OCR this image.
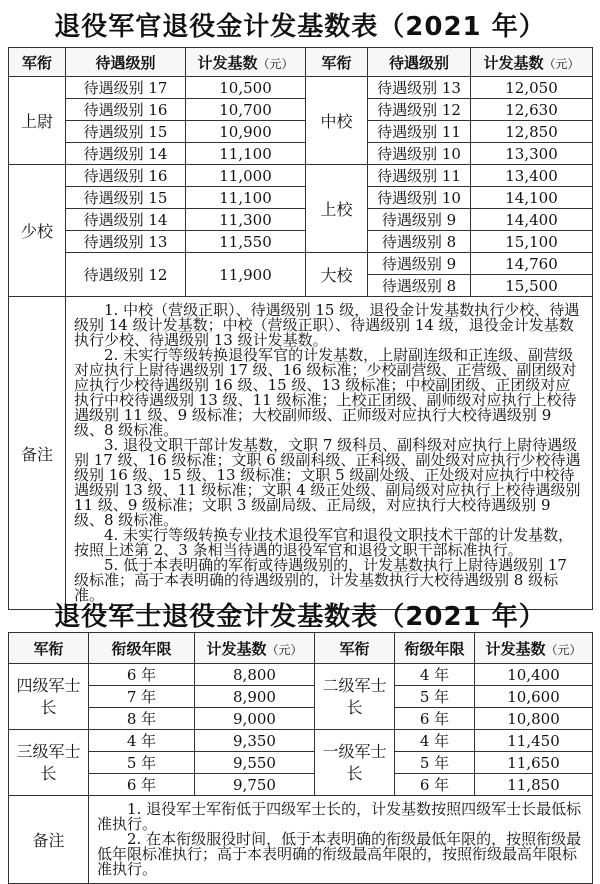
退役军官退役金计发基数表（2021 年）
军衔	待遇级别	计发基数（元）	军衔	待遇级别	计发基数（元）
上尉	待遇级别 17	10,500	中校	待遇级别 13	12,050
	待遇级别 16	10,700		待遇级别 12	12,630
	待遇级别 15	10,900		待遇级别 11	12,850
	待遇级别 14	11,100		待遇级别 10	13,300
少校	待遇级别 16	11,000	上校	待遇级别 11	13,400
	待遇级别 15	11,100		待遇级别 10	14,100
	待遇级别 14	11,300		待遇级别 9	14,400
	待遇级别 13	11,550		待遇级别 8	15,100
	待遇级别 12	11,900	大校	待遇级别 9	14,760
				待遇级别 8	15,500
备注	1. 中校（营级正职）、待遇级别 15 级，退役金计发基数执行少校、待遇级别 14 级计发基数；中校（营级正职）、待遇级别 14 级，退役金计发基数执行少校、待遇级别 13 级计发基数。

2. 未实行等级转换退役军官的计发基数，上尉副连级和正连级、副营级对应执行上尉待遇级别 17 级、16 级标准；少校副营级、正营级、副团级对应执行少校待遇级别 16 级、15 级、13 级标准；中校副团级、正团级对应执行中校待遇级别 13 级、11 级标准；上校正团级、副师级对应执行上校待遇级别 11 级、9 级标准；大校副师级、正师级对应执行大校待遇级别 9 级、8 级标准。

3. 退役文职干部计发基数，文职 7 级科员、副科级对应执行上尉待遇级别 17 级、16 级标准；文职 6 级副科级、正科级、副处级对应执行少校待遇级别 16 级、15 级、13 级标准；文职 5 级副处级、正处级对应执行中校待遇级别 13 级、11 级标准；文职 4 级正处级、副局级对应执行上校待遇级别 11 级、9 级标准；文职 3 级副局级、正局级，对应执行大校待遇级别 9 级、8 级标准。

4. 未实行等级转换专业技术退役军官和退役文职技术干部的计发基数，按照上述第 2、3 条相当待遇的退役军官和退役文职干部标准执行。

5. 低于本表明确的军衔或待遇级别的，计发基数执行上尉待遇级别 17 级标准；高于本表明确的待遇级别的，计发基数执行大校待遇级别 8 级标准。				

退役军士退役金计发基数表（2021 年）
军衔	衔级年限	计发基数（元）	军衔	衔级年限	计发基数（元）
四级军士长	6 年	8,800	二级军士长	4 年	10,400
	7 年	8,900		5 年	10,600
	8 年	9,000		6 年	10,800
三级军士长	4 年	9,350	一级军士长	4 年	11,450
	5 年	9,550		5 年	11,650
	6 年	9,750		6 年	11,850
备注	1. 退役军士军衔低于四级军士长的，计发基数按照四级军士长最低标准执行。

2. 在本衔级服役时间，低于本表明确的衔级最低年限的，按照衔级最低年限标准执行；高于本表明确的衔级最高年限的，按照衔级最高年限标准执行。				
